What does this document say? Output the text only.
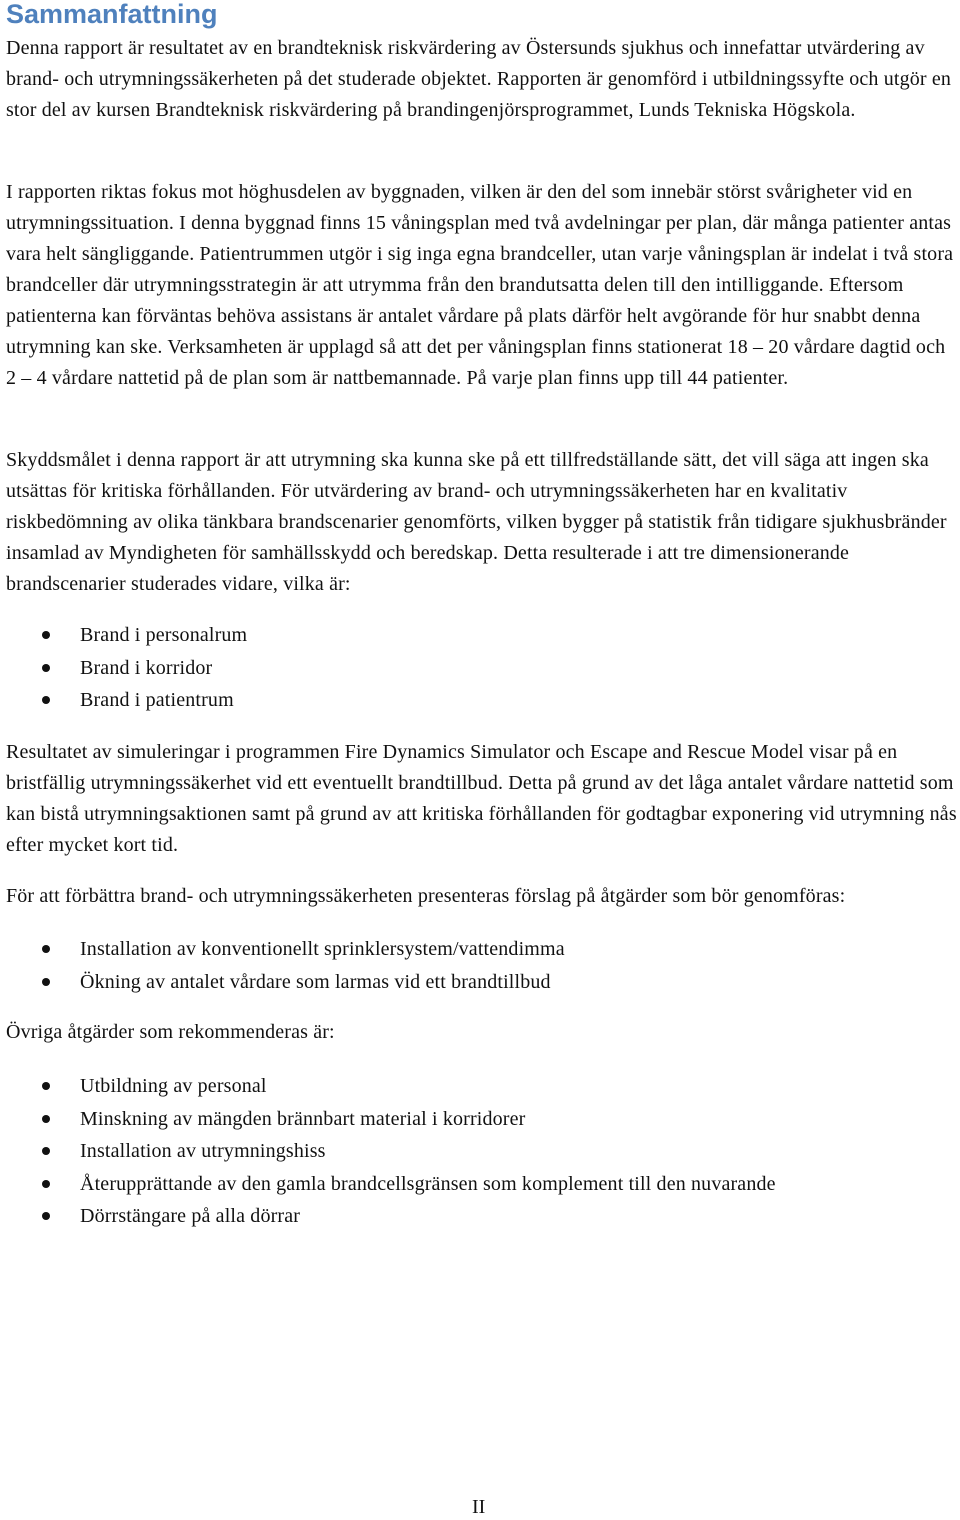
Sammanfattning

Denna rapport är resultatet av en brandteknisk riskvärdering av Östersunds sjukhus och innefattar utvärdering av brand- och utrymningssäkerheten på det studerade objektet. Rapporten är genomförd i utbildningssyfte och utgör en stor del av kursen Brandteknisk riskvärdering på brandingenjörsprogrammet, Lunds Tekniska Högskola.

I rapporten riktas fokus mot höghusdelen av byggnaden, vilken är den del som innebär störst svårigheter vid en utrymningssituation. I denna byggnad finns 15 våningsplan med två avdelningar per plan, där många patienter antas vara helt sängliggande. Patientrummen utgör i sig inga egna brandceller, utan varje våningsplan är indelat i två stora brandceller där utrymningsstrategin är att utrymma från den brandutsatta delen till den intilliggande. Eftersom patienterna kan förväntas behöva assistans är antalet vårdare på plats därför helt avgörande för hur snabbt denna utrymning kan ske. Verksamheten är upplagd så att det per våningsplan finns stationerat 18 – 20 vårdare dagtid och 2 – 4 vårdare nattetid på de plan som är nattbemannade. På varje plan finns upp till 44 patienter.

Skyddsmålet i denna rapport är att utrymning ska kunna ske på ett tillfredställande sätt, det vill säga att ingen ska utsättas för kritiska förhållanden. För utvärdering av brand- och utrymningssäkerheten har en kvalitativ riskbedömning av olika tänkbara brandscenarier genomförts, vilken bygger på statistik från tidigare sjukhusbränder insamlad av Myndigheten för samhällsskydd och beredskap. Detta resulterade i att tre dimensionerande brandscenarier studerades vidare, vilka är:

Brand i personalrum
Brand i korridor
Brand i patientrum

Resultatet av simuleringar i programmen Fire Dynamics Simulator och Escape and Rescue Model visar på en bristfällig utrymningssäkerhet vid ett eventuellt brandtillbud. Detta på grund av det låga antalet vårdare nattetid som kan bistå utrymningsaktionen samt på grund av att kritiska förhållanden för godtagbar exponering vid utrymning nås efter mycket kort tid.

För att förbättra brand- och utrymningssäkerheten presenteras förslag på åtgärder som bör genomföras:

Installation av konventionellt sprinklersystem/vattendimma
Ökning av antalet vårdare som larmas vid ett brandtillbud

Övriga åtgärder som rekommenderas är:

Utbildning av personal
Minskning av mängden brännbart material i korridorer
Installation av utrymningshiss
Återupprättande av den gamla brandcellsgränsen som komplement till den nuvarande
Dörrstängare på alla dörrar
II
